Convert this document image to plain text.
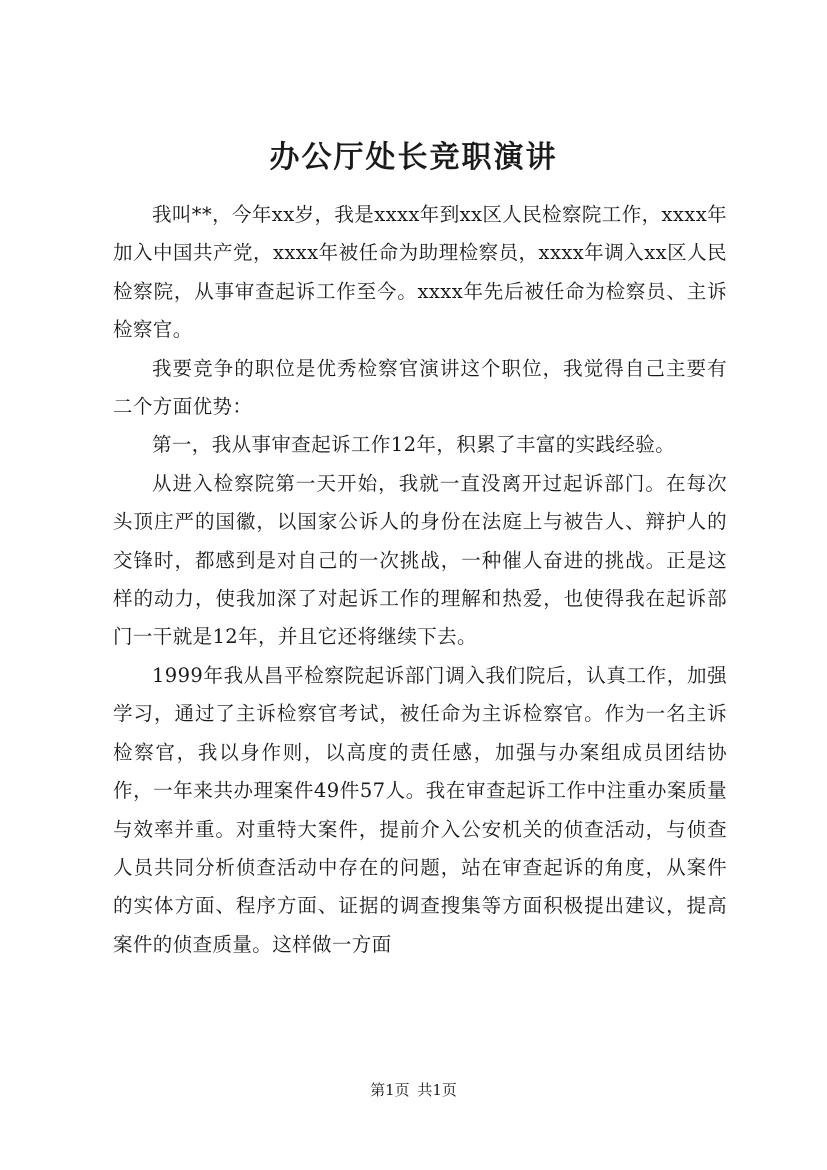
办公厅处长竞职演讲

我叫**，今年xx岁，我是xxxx年到xx区人民检察院工作，xxxx年加入中国共产党，xxxx年被任命为助理检察员，xxxx年调入xx区人民检察院，从事审查起诉工作至今。xxxx年先后被任命为检察员、主诉检察官。

我要竞争的职位是优秀检察官演讲这个职位，我觉得自己主要有二个方面优势：

第一，我从事审查起诉工作12年，积累了丰富的实践经验。

从进入检察院第一天开始，我就一直没离开过起诉部门。在每次头顶庄严的国徽，以国家公诉人的身份在法庭上与被告人、辩护人的交锋时，都感到是对自己的一次挑战，一种催人奋进的挑战。正是这样的动力，使我加深了对起诉工作的理解和热爱，也使得我在起诉部门一干就是12年，并且它还将继续下去。

1999年我从昌平检察院起诉部门调入我们院后，认真工作，加强学习，通过了主诉检察官考试，被任命为主诉检察官。作为一名主诉检察官，我以身作则，以高度的责任感，加强与办案组成员团结协作，一年来共办理案件49件57人。我在审查起诉工作中注重办案质量与效率并重。对重特大案件，提前介入公安机关的侦查活动，与侦查人员共同分析侦查活动中存在的问题，站在审查起诉的角度，从案件的实体方面、程序方面、证据的调查搜集等方面积极提出建议，提高案件的侦查质量。这样做一方面

第1页 共1页
